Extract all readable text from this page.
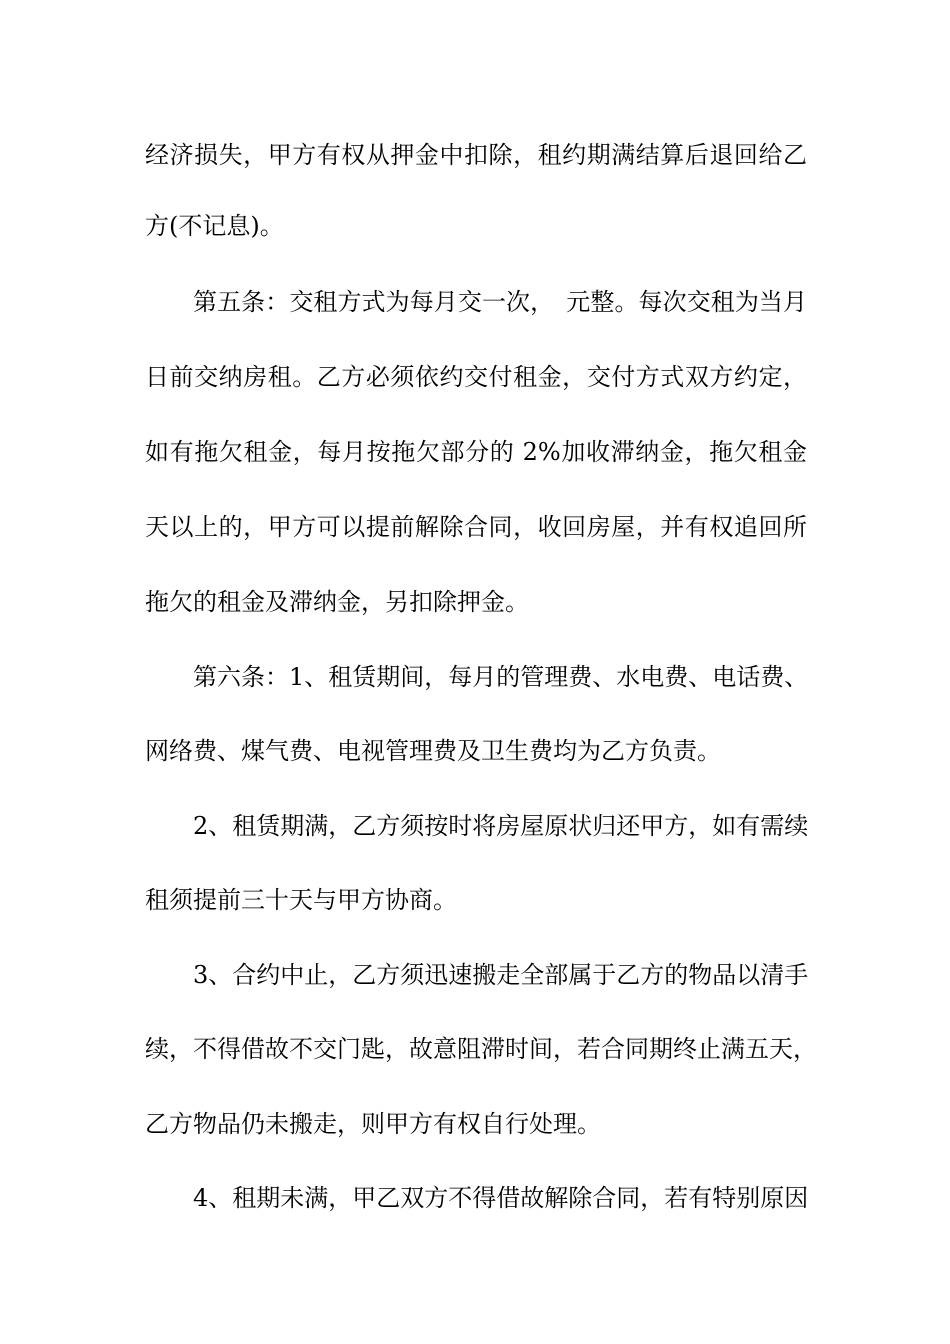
经济损失，甲方有权从押金中扣除，租约期满结算后退回给乙
方(不记息)。
第五条：交租方式为每月交一次，　元整。每次交租为当月
日前交纳房租。乙方必须依约交付租金，交付方式双方约定，
如有拖欠租金，每月按拖欠部分的 2%加收滞纳金，拖欠租金
天以上的，甲方可以提前解除合同，收回房屋，并有权追回所
拖欠的租金及滞纳金，另扣除押金。
第六条：1、租赁期间，每月的管理费、水电费、电话费、
网络费、煤气费、电视管理费及卫生费均为乙方负责。
2、租赁期满，乙方须按时将房屋原状归还甲方，如有需续
租须提前三十天与甲方协商。
3、合约中止，乙方须迅速搬走全部属于乙方的物品以清手
续，不得借故不交门匙，故意阻滞时间，若合同期终止满五天，
乙方物品仍未搬走，则甲方有权自行处理。
4、租期未满，甲乙双方不得借故解除合同，若有特别原因
